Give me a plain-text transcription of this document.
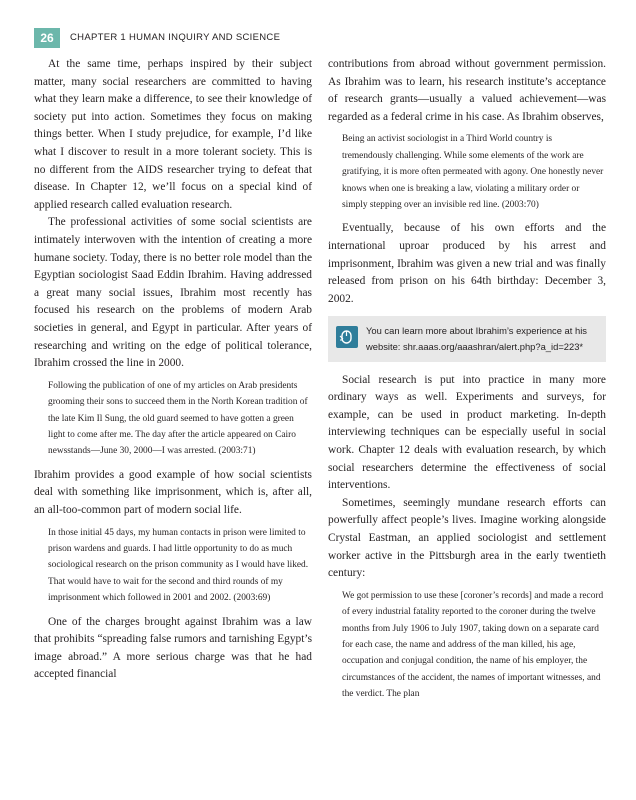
26	CHAPTER 1 HUMAN INQUIRY AND SCIENCE

At the same time, perhaps inspired by their subject matter, many social researchers are committed to having what they learn make a difference, to see their knowledge of society put into action. Sometimes they focus on making things better. When I study prejudice, for example, I’d like what I discover to result in a more tolerant society. This is no different from the AIDS researcher trying to defeat that disease. In Chapter 12, we’ll focus on a special kind of applied research called evaluation research.

The professional activities of some social scientists are intimately interwoven with the intention of creating a more humane society. Today, there is no better role model than the Egyptian sociologist Saad Eddin Ibrahim. Having addressed a great many social issues, Ibrahim most recently has focused his research on the problems of modern Arab societies in general, and Egypt in particular. After years of researching and writing on the edge of political tolerance, Ibrahim crossed the line in 2000.

Following the publication of one of my articles on Arab presidents grooming their sons to succeed them in the North Korean tradition of the late Kim Il Sung, the old guard seemed to have gotten a green light to come after me. The day after the article appeared on Cairo newsstands—June 30, 2000—I was arrested. (2003:71)

Ibrahim provides a good example of how social scientists deal with something like imprisonment, which is, after all, an all-too-common part of modern social life.

In those initial 45 days, my human contacts in prison were limited to prison wardens and guards. I had little opportunity to do as much sociological research on the prison community as I would have liked. That would have to wait for the second and third rounds of my imprisonment which followed in 2001 and 2002. (2003:69)

One of the charges brought against Ibrahim was a law that prohibits “spreading false rumors and tarnishing Egypt’s image abroad.” A more serious charge was that he had accepted financial

contributions from abroad without government permission. As Ibrahim was to learn, his research institute’s acceptance of research grants—usually a valued achievement—was regarded as a federal crime in his case. As Ibrahim observes,

Being an activist sociologist in a Third World country is tremendously challenging. While some elements of the work are gratifying, it is more often permeated with agony. One honestly never knows when one is breaking a law, violating a military order or simply stepping over an invisible red line. (2003:70)

Eventually, because of his own efforts and the international uproar produced by his arrest and imprisonment, Ibrahim was given a new trial and was finally released from prison on his 64th birthday: December 3, 2002.

You can learn more about Ibrahim’s experience at his website: shr.aaas.org/aaashran/alert.php?a_id=223*

Social research is put into practice in many more ordinary ways as well. Experiments and surveys, for example, can be used in product marketing. In-depth interviewing techniques can be especially useful in social work. Chapter 12 deals with evaluation research, by which social researchers determine the effectiveness of social interventions.

Sometimes, seemingly mundane research efforts can powerfully affect people’s lives. Imagine working alongside Crystal Eastman, an applied sociologist and settlement worker active in the Pittsburgh area in the early twentieth century:

We got permission to use these [coroner’s records] and made a record of every industrial fatality reported to the coroner during the twelve months from July 1906 to July 1907, taking down on a separate card for each case, the name and address of the man killed, his age, occupation and conjugal condition, the name of his employer, the circumstances of the accident, the names of important witnesses, and the verdict. The plan
